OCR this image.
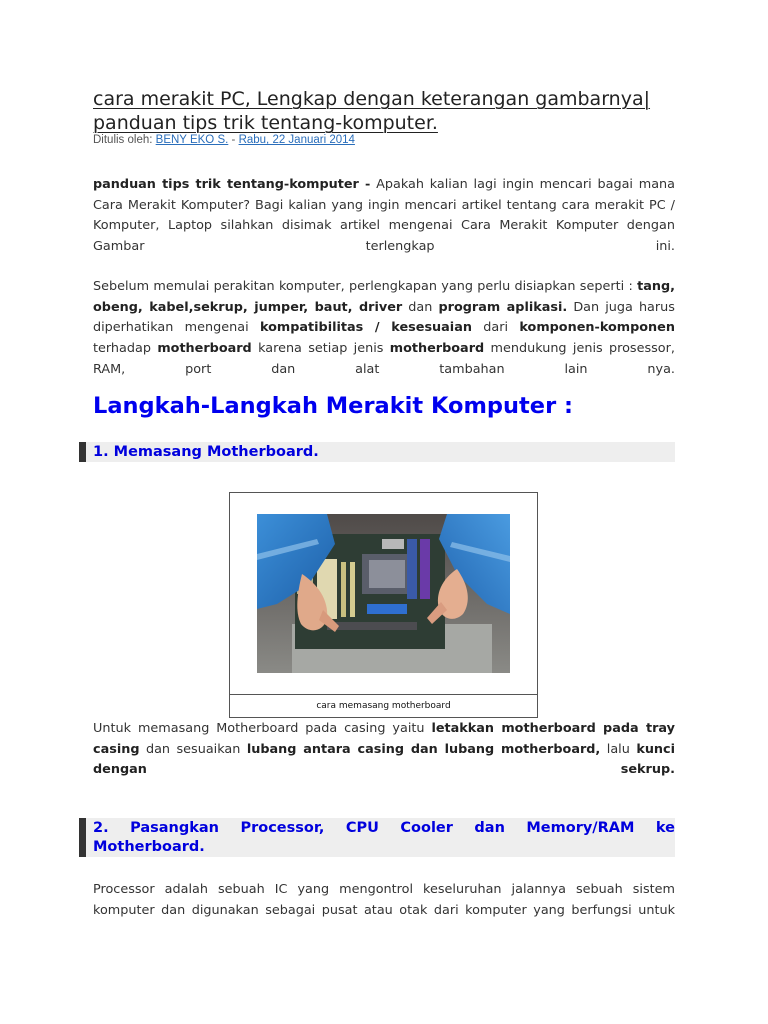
cara merakit PC, Lengkap dengan keterangan gambarnya| panduan tips trik tentang-komputer.
Ditulis oleh: BENY EKO S. - Rabu, 22 Januari 2014
panduan tips trik tentang-komputer - Apakah kalian lagi ingin mencari bagai mana Cara Merakit Komputer? Bagi kalian yang ingin mencari artikel tentang cara merakit PC / Komputer, Laptop silahkan disimak artikel mengenai Cara Merakit Komputer dengan Gambar terlengkap ini.
Sebelum memulai perakitan komputer, perlengkapan yang perlu disiapkan seperti : tang, obeng, kabel,sekrup, jumper, baut, driver dan program aplikasi. Dan juga harus diperhatikan mengenai kompatibilitas / kesesuaian dari komponen-komponen terhadap motherboard karena setiap jenis motherboard mendukung jenis prosessor, RAM, port dan alat tambahan lain nya.
Langkah-Langkah Merakit Komputer :
1. Memasang Motherboard.
cara memasang motherboard
Untuk memasang Motherboard pada casing yaitu letakkan motherboard pada tray casing dan sesuaikan lubang antara casing dan lubang motherboard, lalu kunci dengan sekrup.
2. Pasangkan Processor, CPU Cooler dan Memory/RAM ke Motherboard.
Processor adalah sebuah IC yang mengontrol keseluruhan jalannya sebuah sistem komputer dan digunakan sebagai pusat atau otak dari komputer yang berfungsi untuk
